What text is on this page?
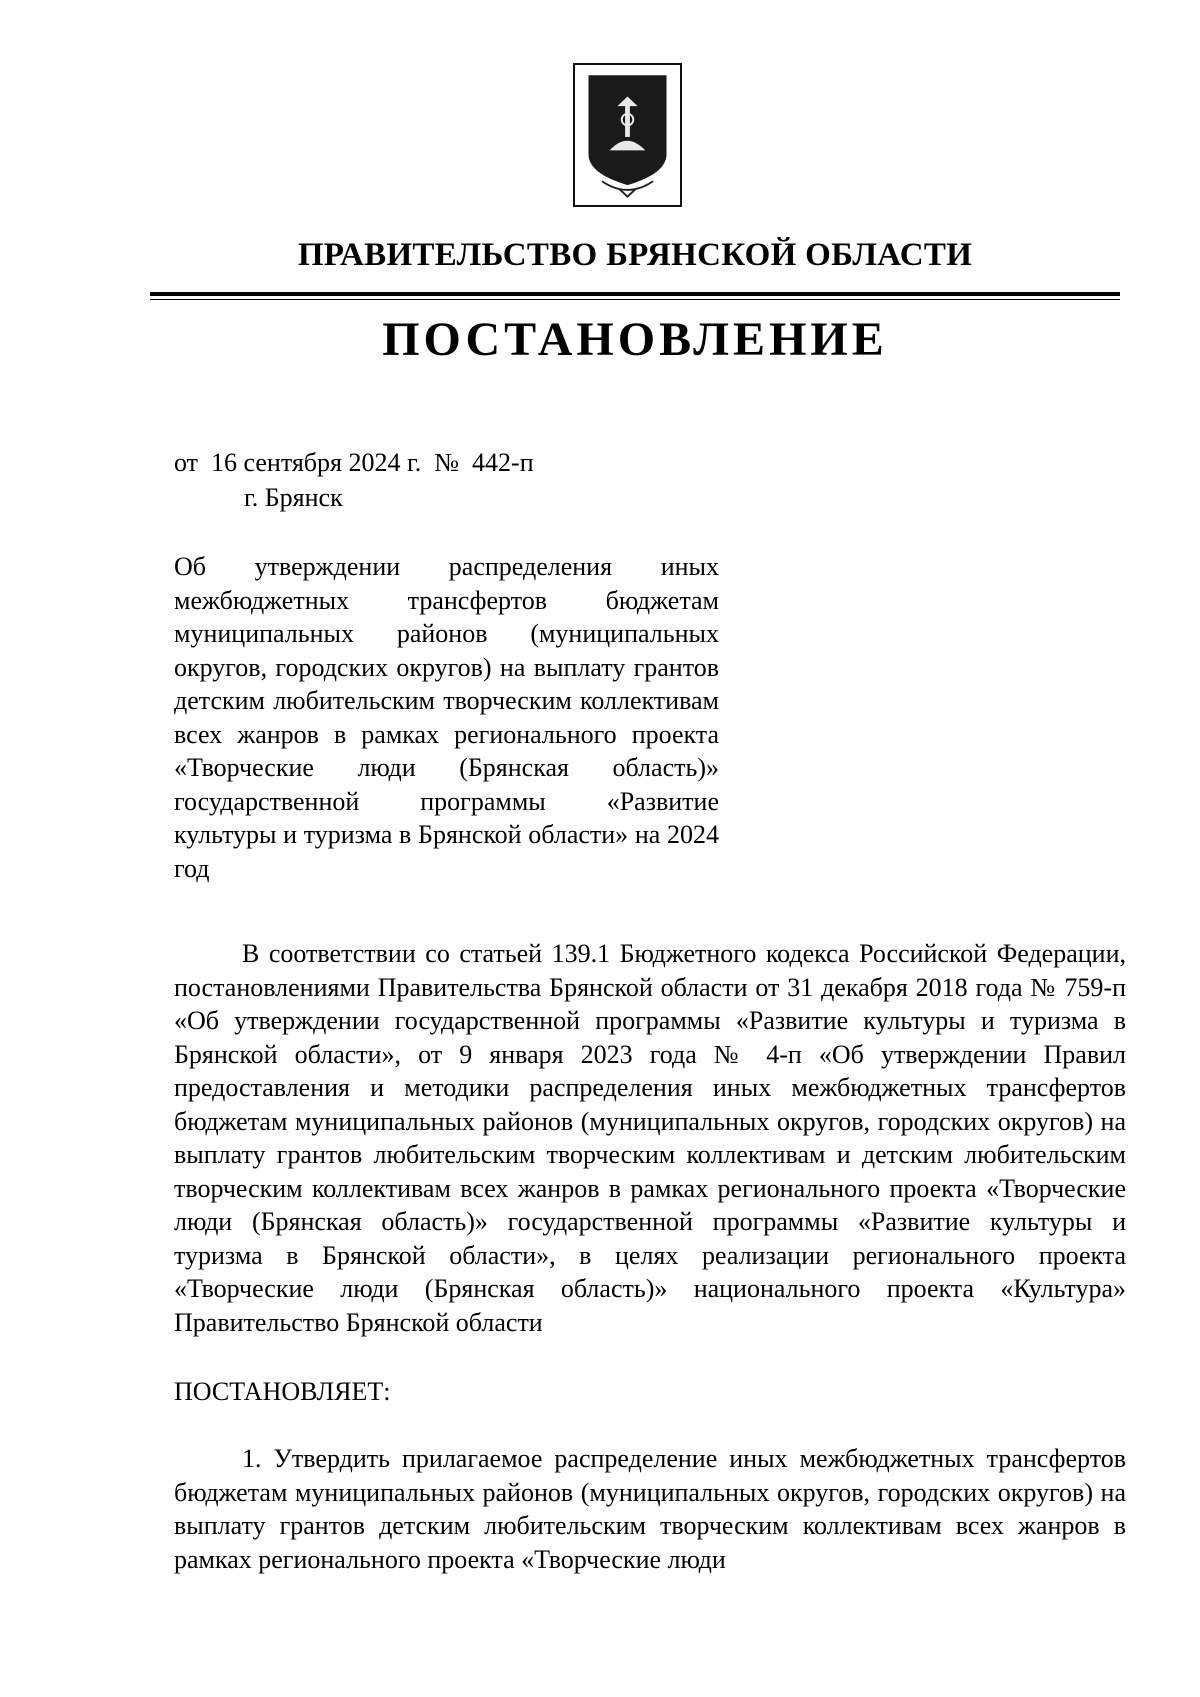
ПРАВИТЕЛЬСТВО БРЯНСКОЙ ОБЛАСТИ
ПОСТАНОВЛЕНИЕ
от  16 сентября 2024 г.  №  442-п
г. Брянск
Об утверждении распределения иных межбюджетных трансфертов бюджетам муниципальных районов (муниципальных округов, городских округов) на выплату грантов детским любительским творческим коллективам всех жанров в рамках регионального проекта «Творческие люди (Брянская область)» государственной программы «Развитие культуры и туризма в Брянской области» на 2024 год
В соответствии со статьей 139.1 Бюджетного кодекса Российской Федерации, постановлениями Правительства Брянской области от 31 декабря 2018 года № 759-п «Об утверждении государственной программы «Развитие культуры и туризма в Брянской области», от 9 января 2023 года № 4-п «Об утверждении Правил предоставления и методики распределения иных межбюджетных трансфертов бюджетам муниципальных районов (муниципальных округов, городских округов) на выплату грантов любительским творческим коллективам и детским любительским творческим коллективам всех жанров в рамках регионального проекта «Творческие люди (Брянская область)» государственной программы «Развитие культуры и туризма в Брянской области», в целях реализации регионального проекта «Творческие люди (Брянская область)» национального проекта «Культура» Правительство Брянской области
ПОСТАНОВЛЯЕТ:
1. Утвердить прилагаемое распределение иных межбюджетных трансфертов бюджетам муниципальных районов (муниципальных округов, городских округов) на выплату грантов детским любительским творческим коллективам всех жанров в рамках регионального проекта «Творческие люди
